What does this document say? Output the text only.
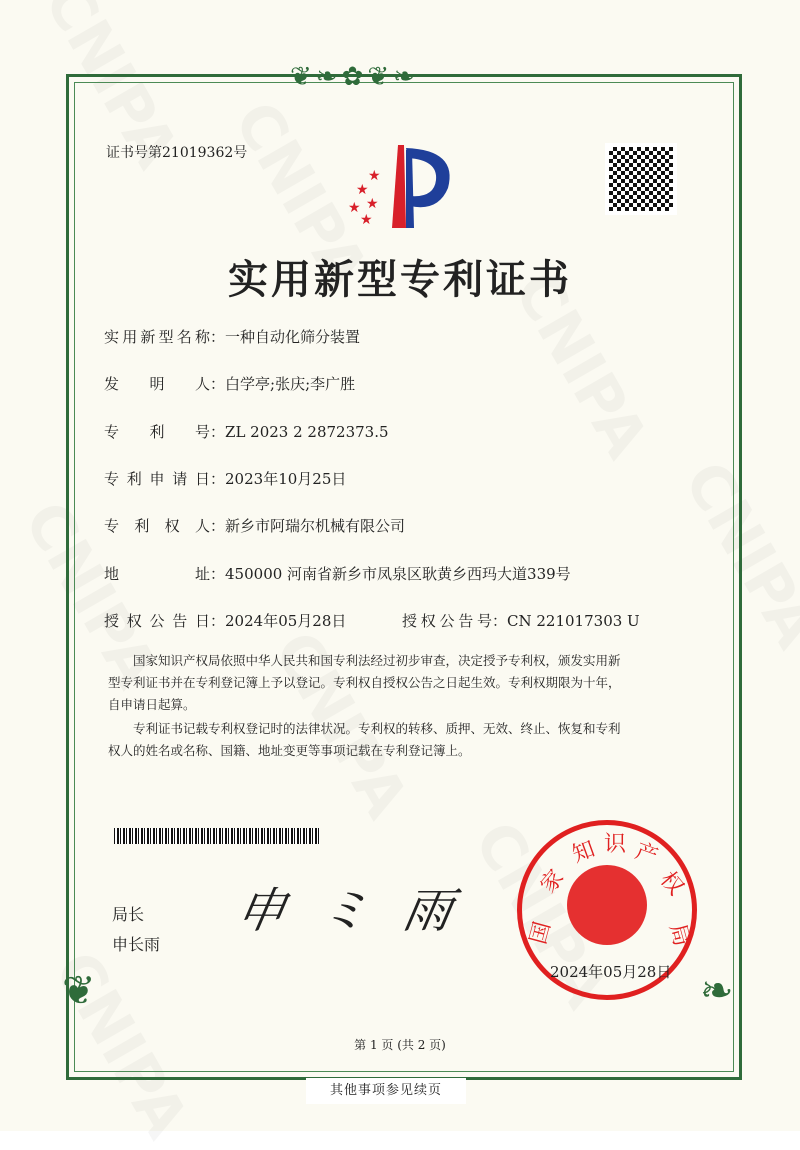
❦❧✿❦❧
❦	❧
证书号第21019362号
★
★
★
★
★
实用新型专利证书
实用新型名称：一种自动化筛分装置
发明人：白学亭;张庆;李广胜
专利号：ZL 2023 2 2872373.5
专利申请日：2023年10月25日
专利权人：新乡市阿瑞尔机械有限公司
地址：450000 河南省新乡市凤泉区耿黄乡西玛大道339号
授权公告日：2024年05月28日	授权公告号：CN 221017303 U
国家知识产权局依照中华人民共和国专利法经过初步审查，决定授予专利权，颁发实用新型专利证书并在专利登记簿上予以登记。专利权自授权公告之日起生效。专利权期限为十年，自申请日起算。
专利证书记载专利权登记时的法律状况。专利权的转移、质押、无效、终止、恢复和专利权人的姓名或名称、国籍、地址变更等事项记载在专利登记簿上。
局长
申长雨
申 ミ 雨	国
家
知 识 产
权
局
2024年05月28日
第 1 页 (共 2 页)
其他事项参见续页
